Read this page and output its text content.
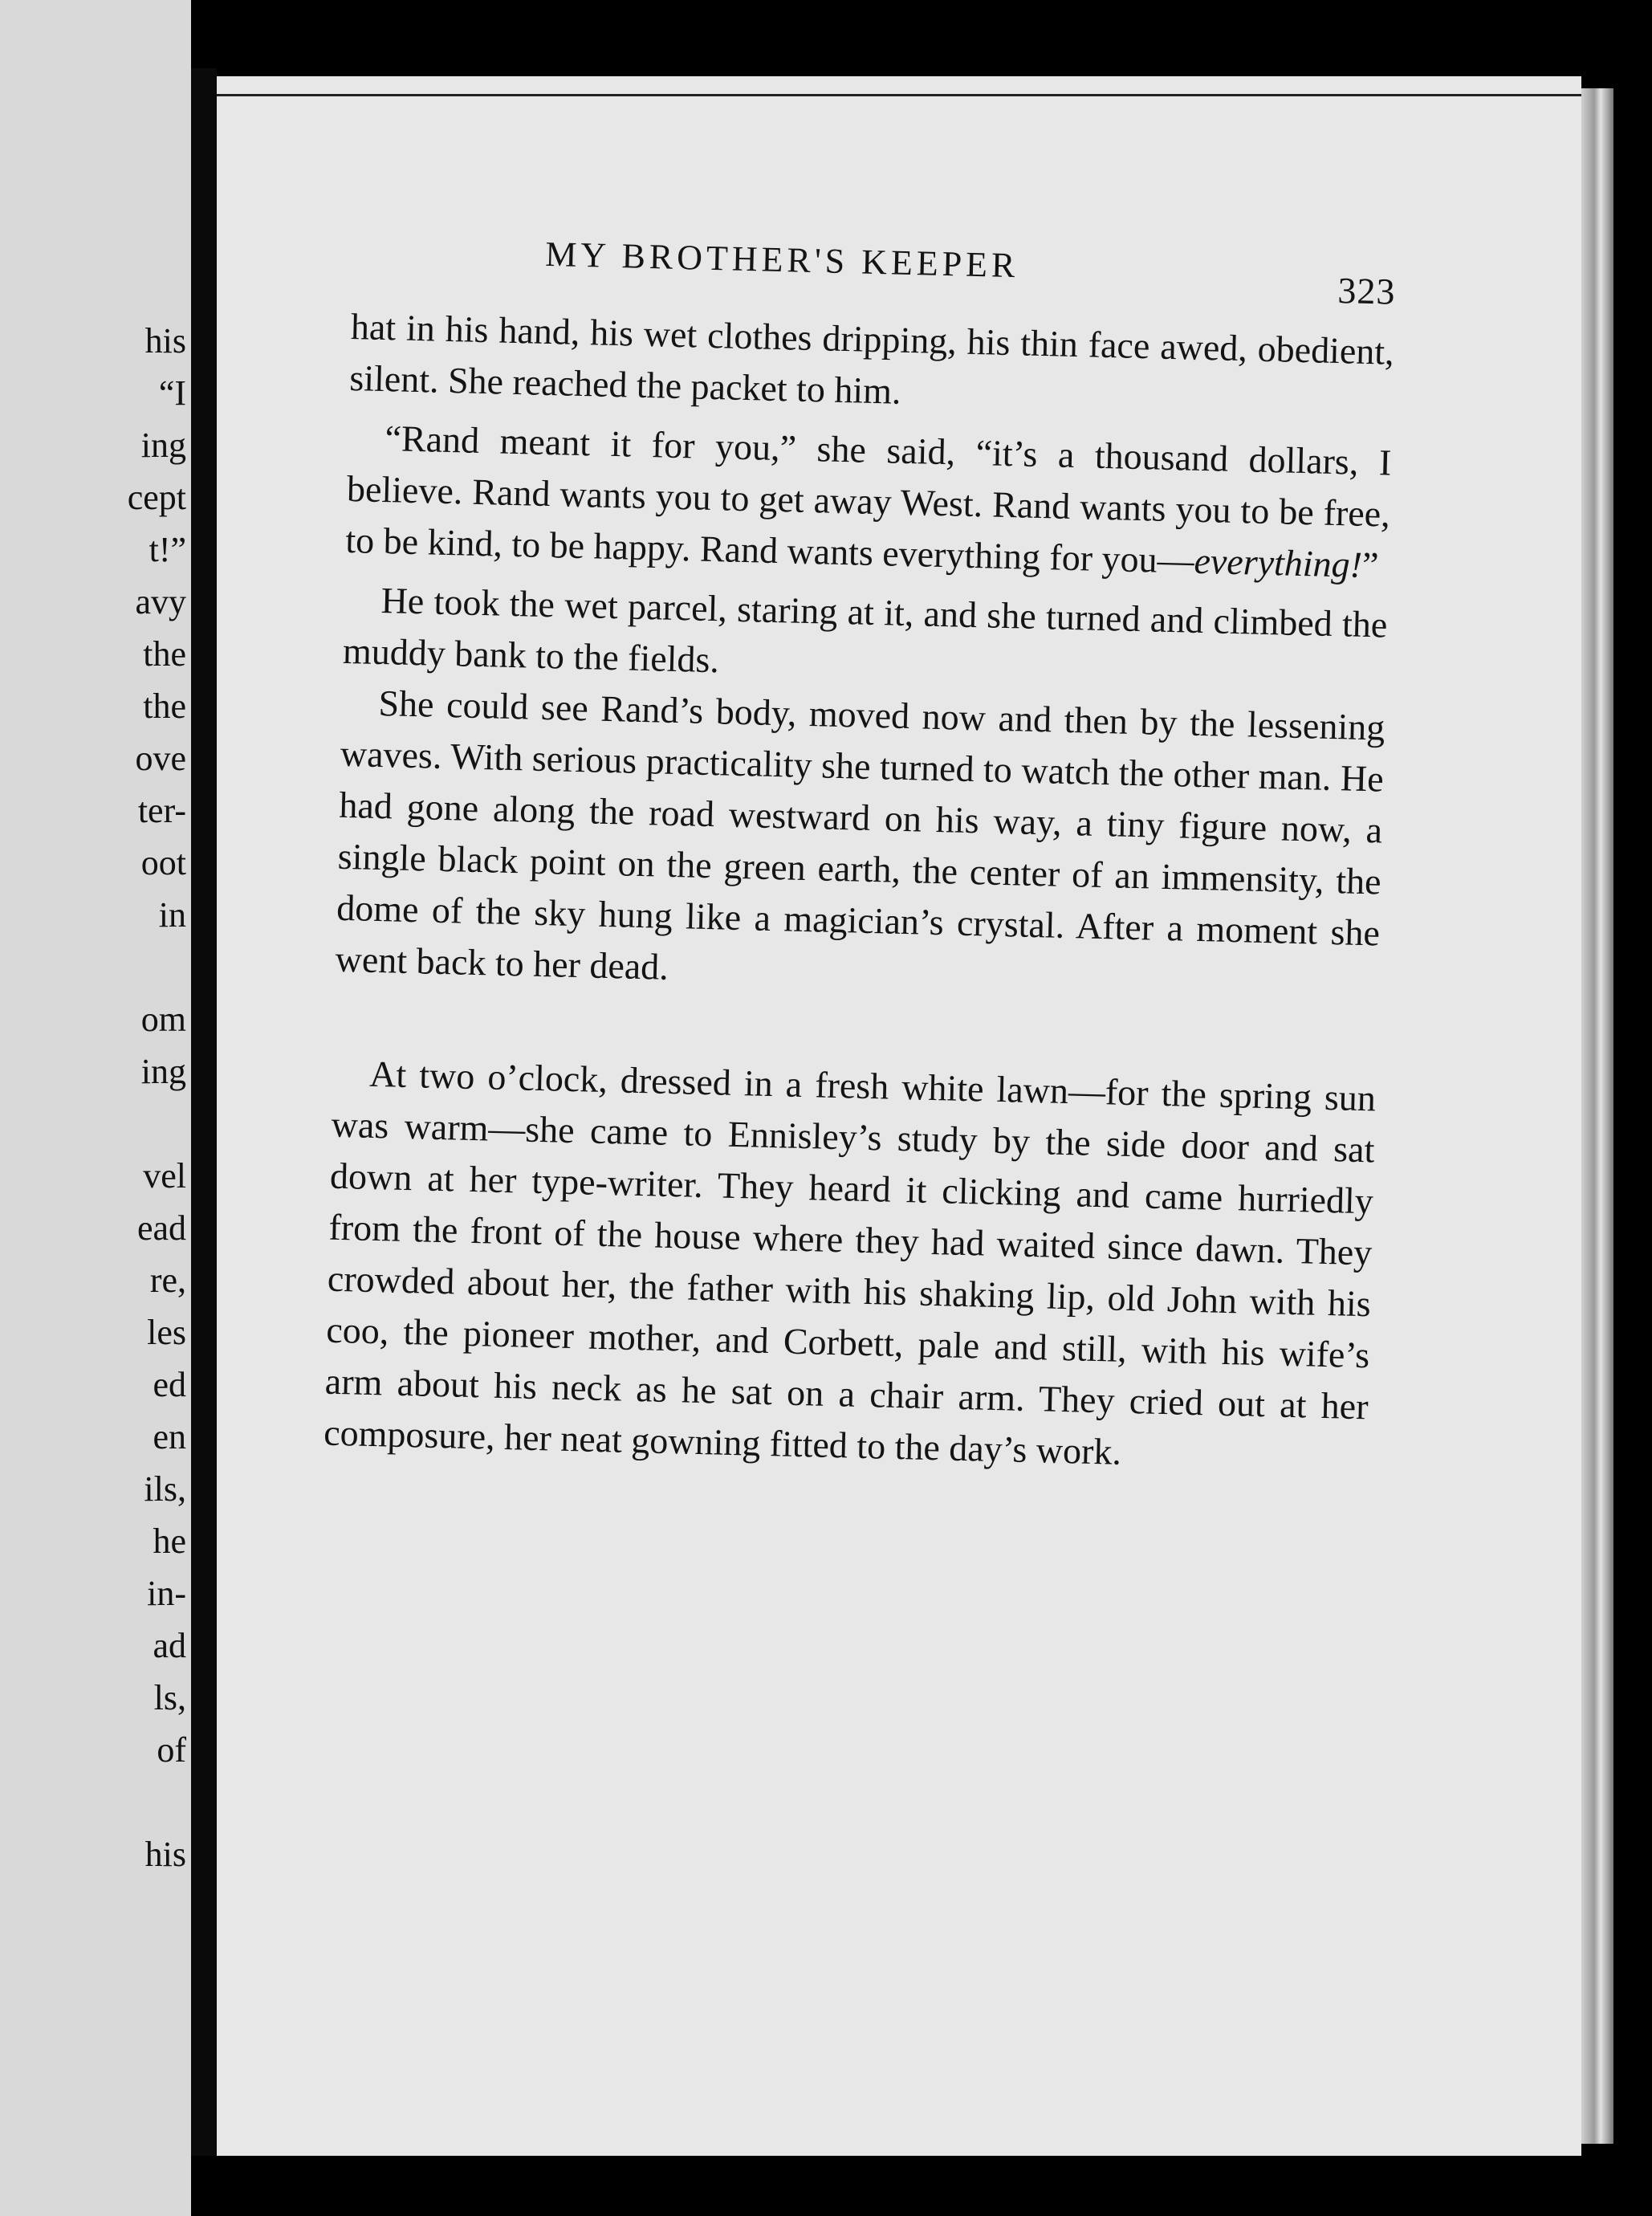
his
“I
ing
cept
t!”
avy
the
the
ove
ter-
oot
in
om
ing
vel
ead
re,
les
ed
en
ils,
he
in-
ad
ls,
of
his
MY BROTHER'S KEEPER
323

hat in his hand, his wet clothes dripping, his thin face awed, obedient, silent. She reached the packet to him.

“Rand meant it for you,” she said, “it’s a thousand dollars, I believe. Rand wants you to get away West. Rand wants you to be free, to be kind, to be happy. Rand wants everything for you—everything!”

He took the wet parcel, staring at it, and she turned and climbed the muddy bank to the fields.

She could see Rand’s body, moved now and then by the lessening waves. With serious practicality she turned to watch the other man. He had gone along the road westward on his way, a tiny figure now, a single black point on the green earth, the center of an immensity, the dome of the sky hung like a magician’s crystal. After a moment she went back to her dead.

At two o’clock, dressed in a fresh white lawn—for the spring sun was warm—she came to Ennisley’s study by the side door and sat down at her type-writer. They heard it clicking and came hurriedly from the front of the house where they had waited since dawn. They crowded about her, the father with his shaking lip, old John with his coo, the pioneer mother, and Corbett, pale and still, with his wife’s arm about his neck as he sat on a chair arm. They cried out at her composure, her neat gowning fitted to the day’s work.
